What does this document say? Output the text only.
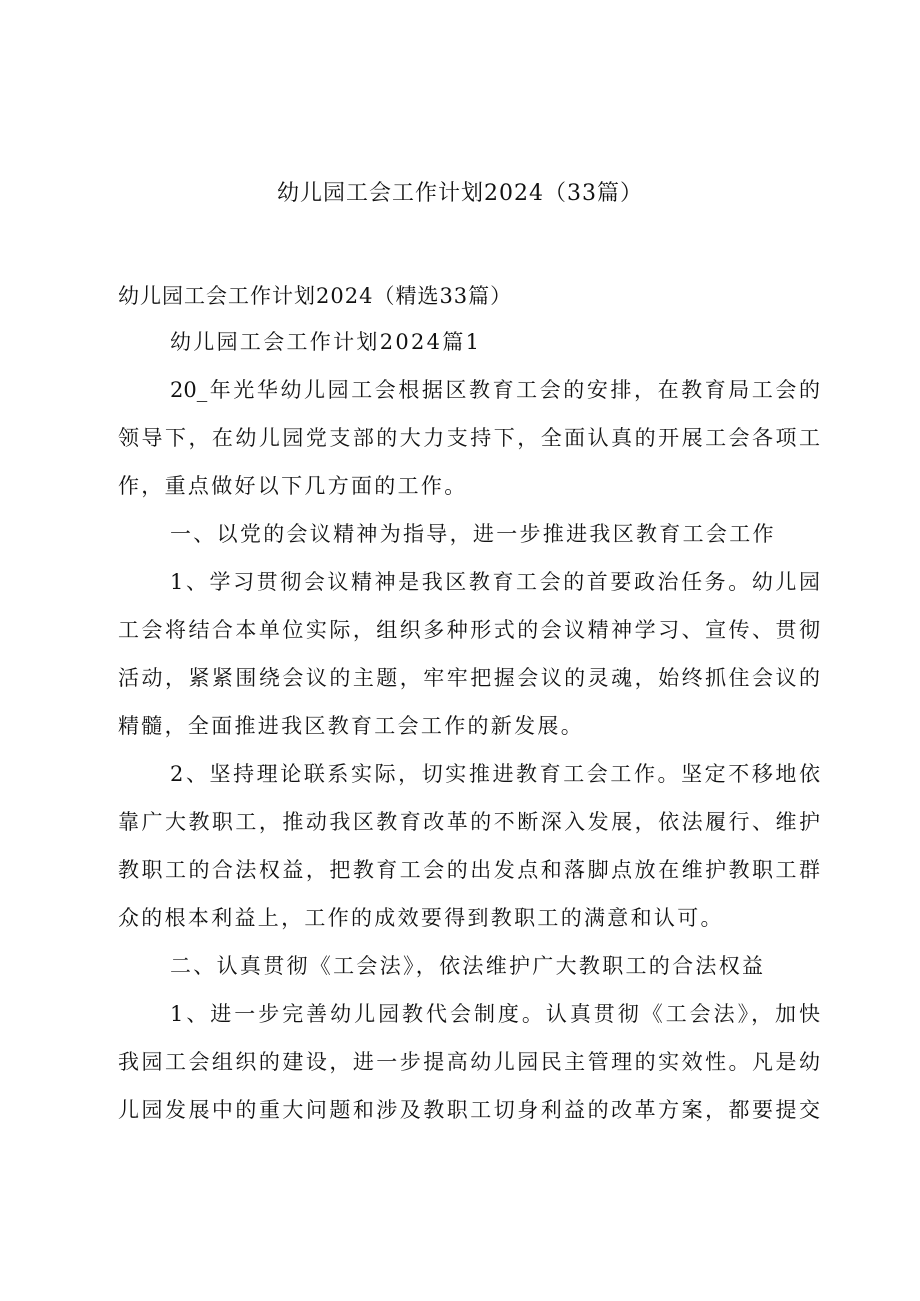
幼儿园工会工作计划2024（33篇）
幼儿园工会工作计划2024（精选33篇）
幼儿园工会工作计划2024篇1
20_年光华幼儿园工会根据区教育工会的安排，在教育局工会的
领导下，在幼儿园党支部的大力支持下，全面认真的开展工会各项工
作，重点做好以下几方面的工作。
一、以党的会议精神为指导，进一步推进我区教育工会工作
1、学习贯彻会议精神是我区教育工会的首要政治任务。幼儿园
工会将结合本单位实际，组织多种形式的会议精神学习、宣传、贯彻
活动，紧紧围绕会议的主题，牢牢把握会议的灵魂，始终抓住会议的
精髓，全面推进我区教育工会工作的新发展。
2、坚持理论联系实际，切实推进教育工会工作。坚定不移地依
靠广大教职工，推动我区教育改革的不断深入发展，依法履行、维护
教职工的合法权益，把教育工会的出发点和落脚点放在维护教职工群
众的根本利益上，工作的成效要得到教职工的满意和认可。
二、认真贯彻《工会法》，依法维护广大教职工的合法权益
1、进一步完善幼儿园教代会制度。认真贯彻《工会法》，加快
我园工会组织的建设，进一步提高幼儿园民主管理的实效性。凡是幼
儿园发展中的重大问题和涉及教职工切身利益的改革方案，都要提交
